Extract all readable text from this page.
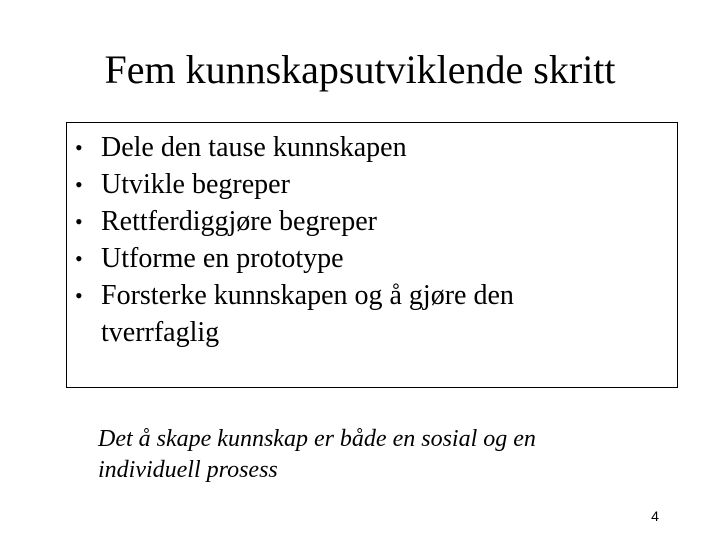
Fem kunnskapsutviklende skritt
• Dele den tause kunnskapen
• Utvikle begreper
• Rettferdiggjøre begreper
• Utforme en prototype
• Forsterke kunnskapen og å gjøre den tverrfaglig
Det å skape kunnskap er både en sosial og en individuell prosess
4
